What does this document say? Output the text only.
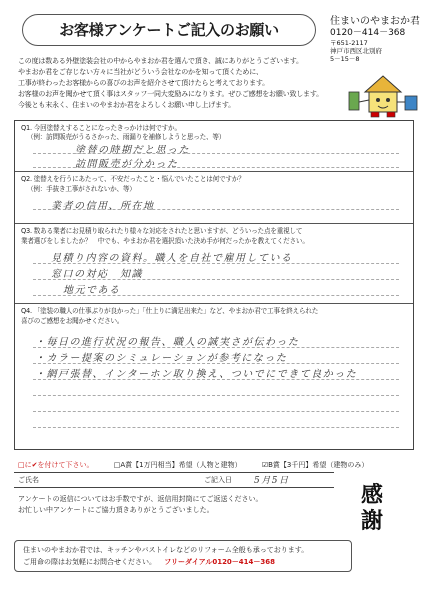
お客様アンケートご記入のお願い	住まいのやまおか君
0120－414－368
〒651-2117
神戸市西区北別府
5－15－8

この度は数ある外壁塗装会社の中からやまおか君を選んで頂き、誠にありがとうございます。

やまおか君をご存じない方々に当社がどういう会社なのかを知って頂くために、

工事が終わったお客様からの喜びのお声を紹介させて頂けたらと考えております。

お客様のお声を聞かせて頂く事はスタッフ一同大変励みになります。ぜひご感想をお願い致します。

今後とも末永く、住まいのやまおか君をよろしくお願い申し上げます。

Q1. 今回塗替えすることになったきっかけは何ですか。
（例：訪問販売がうるさかった、雨漏りを補修しようと思った、等）
塗替の時期だと思った
訪問販売が分かった
Q2. 塗替えを行うにあたって、不安だったこと・悩んでいたことは何ですか？
（例：手抜き工事がされないか、等）
業者の信用、所在地
Q3. 数ある業者にお見積り取られたり様々な対応をされたと思いますが、どういった点を重視して
業者選びをしましたか？　中でも、やまおか君を選択頂いた決め手が何だったかを教えてください。
見積り内容の資料。職人を自社で雇用している
窓口の対応　知識
地元である
Q4. 「塗装の職人の仕事ぶりが良かった」「仕上りに満足出来た」など、やまおか君で工事を終えられた
喜びのご感想をお聞かせください。
・毎日の進行状況の報告、職人の誠実さが伝わった
・カラー提案のシミュレーションが参考になった
・網戸張替、インターホン取り換え、ついでにできて良かった
□に✔を付けて下さい。	□A賞【1万円相当】希望（人物と建物）	☑B賞【3千円】希望（建物のみ）
ご氏名	ご記入日 5月5日

アンケートの返信についてはお手数ですが、返信用封筒にてご返送ください。

お忙しい中アンケートにご協力頂きありがとうございました。

感謝

住まいのやまおか君では、キッチンやバストイレなどのリフォーム全般も承っております。

ご用命の際はお気軽にお問合せください。 フリーダイアル0120－414－368
